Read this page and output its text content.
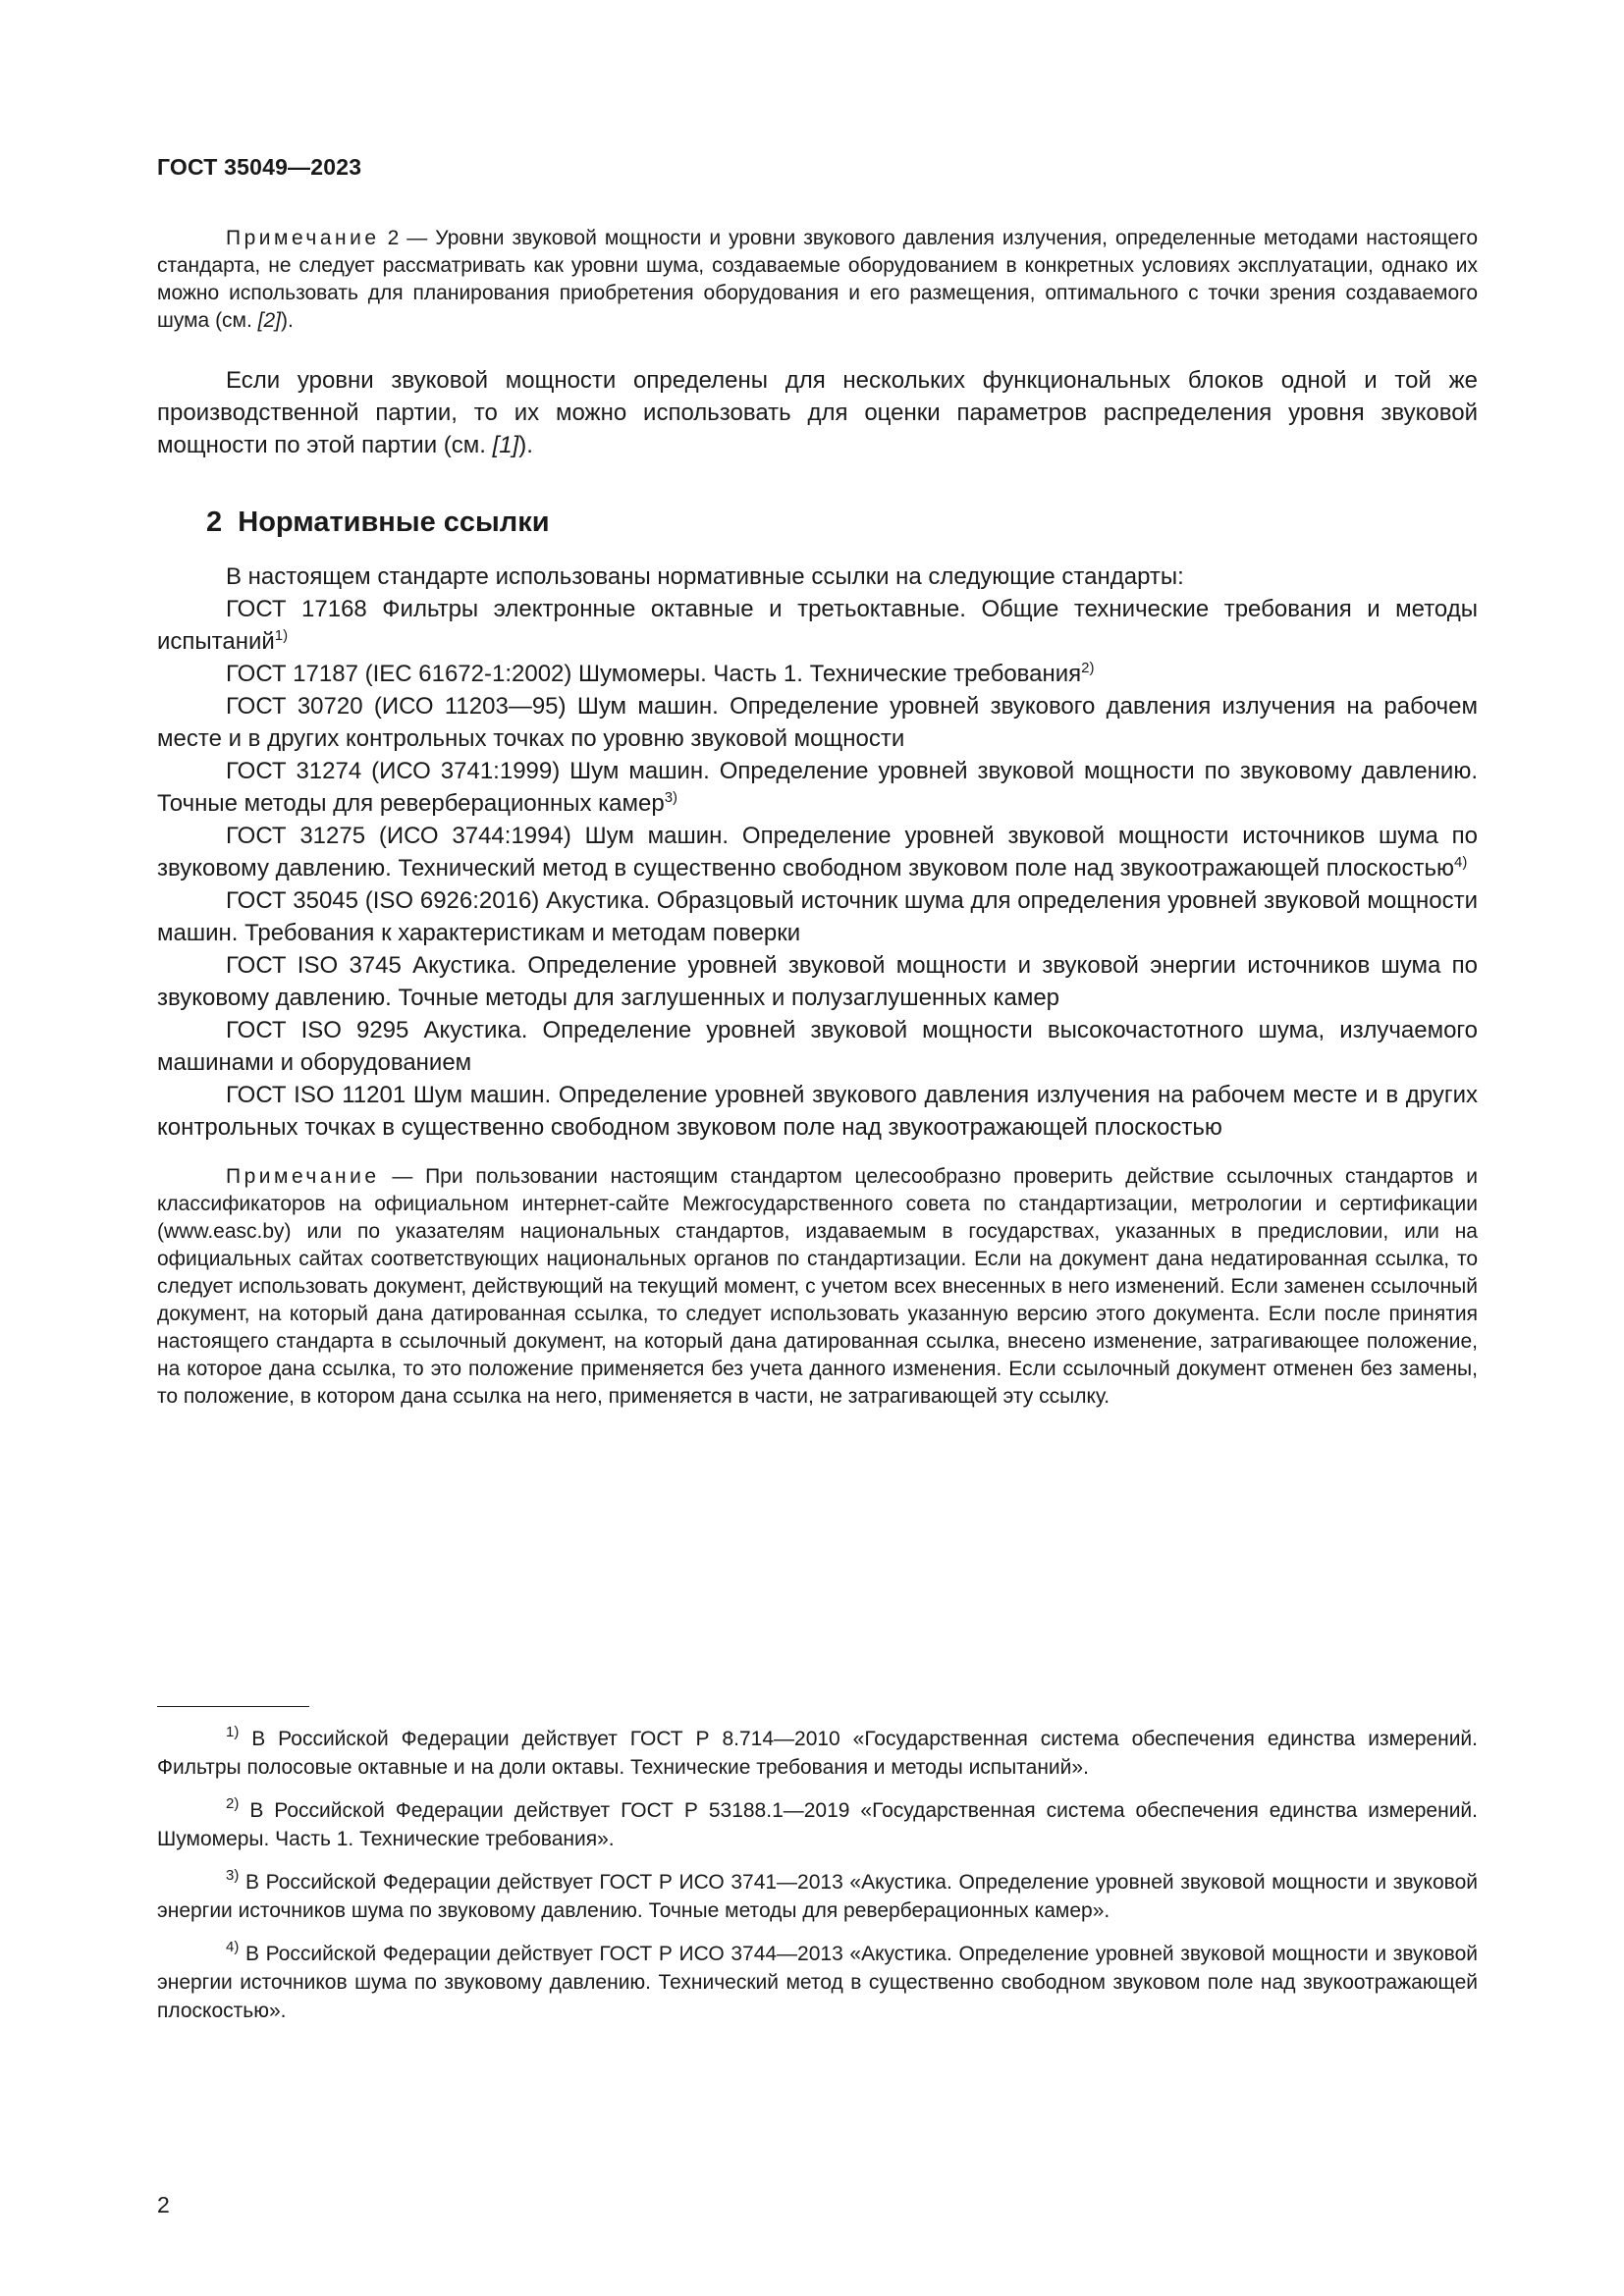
ГОСТ 35049—2023

Примечание 2 — Уровни звуковой мощности и уровни звукового давления излучения, определенные методами настоящего стандарта, не следует рассматривать как уровни шума, создаваемые оборудованием в конкретных условиях эксплуатации, однако их можно использовать для планирования приобретения оборудования и его размещения, оптимального с точки зрения создаваемого шума (см. [2]).

Если уровни звуковой мощности определены для нескольких функциональных блоков одной и той же производственной партии, то их можно использовать для оценки параметров распределения уровня звуковой мощности по этой партии (см. [1]).

2 Нормативные ссылки

В настоящем стандарте использованы нормативные ссылки на следующие стандарты:

ГОСТ 17168 Фильтры электронные октавные и третьоктавные. Общие технические требования и методы испытаний$^{1)}$

ГОСТ 17187 (IEC 61672-1:2002) Шумомеры. Часть 1. Технические требования$^{2)}$

ГОСТ 30720 (ИСО 11203—95) Шум машин. Определение уровней звукового давления излучения на рабочем месте и в других контрольных точках по уровню звуковой мощности

ГОСТ 31274 (ИСО 3741:1999) Шум машин. Определение уровней звуковой мощности по звуковому давлению. Точные методы для реверберационных камер$^{3)}$

ГОСТ 31275 (ИСО 3744:1994) Шум машин. Определение уровней звуковой мощности источников шума по звуковому давлению. Технический метод в существенно свободном звуковом поле над звукоотражающей плоскостью$^{4)}$

ГОСТ 35045 (ISO 6926:2016) Акустика. Образцовый источник шума для определения уровней звуковой мощности машин. Требования к характеристикам и методам поверки

ГОСТ ISO 3745 Акустика. Определение уровней звуковой мощности и звуковой энергии источников шума по звуковому давлению. Точные методы для заглушенных и полузаглушенных камер

ГОСТ ISO 9295 Акустика. Определение уровней звуковой мощности высокочастотного шума, излучаемого машинами и оборудованием

ГОСТ ISO 11201 Шум машин. Определение уровней звукового давления излучения на рабочем месте и в других контрольных точках в существенно свободном звуковом поле над звукоотражающей плоскостью

Примечание — При пользовании настоящим стандартом целесообразно проверить действие ссылочных стандартов и классификаторов на официальном интернет-сайте Межгосударственного совета по стандартизации, метрологии и сертификации (www.easc.by) или по указателям национальных стандартов, издаваемым в государствах, указанных в предисловии, или на официальных сайтах соответствующих национальных органов по стандартизации. Если на документ дана недатированная ссылка, то следует использовать документ, действующий на текущий момент, с учетом всех внесенных в него изменений. Если заменен ссылочный документ, на который дана датированная ссылка, то следует использовать указанную версию этого документа. Если после принятия настоящего стандарта в ссылочный документ, на который дана датированная ссылка, внесено изменение, затрагивающее положение, на которое дана ссылка, то это положение применяется без учета данного изменения. Если ссылочный документ отменен без замены, то положение, в котором дана ссылка на него, применяется в части, не затрагивающей эту ссылку.

$^{1)}$ В Российской Федерации действует ГОСТ Р 8.714—2010 «Государственная система обеспечения единства измерений. Фильтры полосовые октавные и на доли октавы. Технические требования и методы испытаний».

$^{2)}$ В Российской Федерации действует ГОСТ Р 53188.1—2019 «Государственная система обеспечения единства измерений. Шумомеры. Часть 1. Технические требования».

$^{3)}$ В Российской Федерации действует ГОСТ Р ИСО 3741—2013 «Акустика. Определение уровней звуковой мощности и звуковой энергии источников шума по звуковому давлению. Точные методы для реверберационных камер».

$^{4)}$ В Российской Федерации действует ГОСТ Р ИСО 3744—2013 «Акустика. Определение уровней звуковой мощности и звуковой энергии источников шума по звуковому давлению. Технический метод в существенно свободном звуковом поле над звукоотражающей плоскостью».

2
